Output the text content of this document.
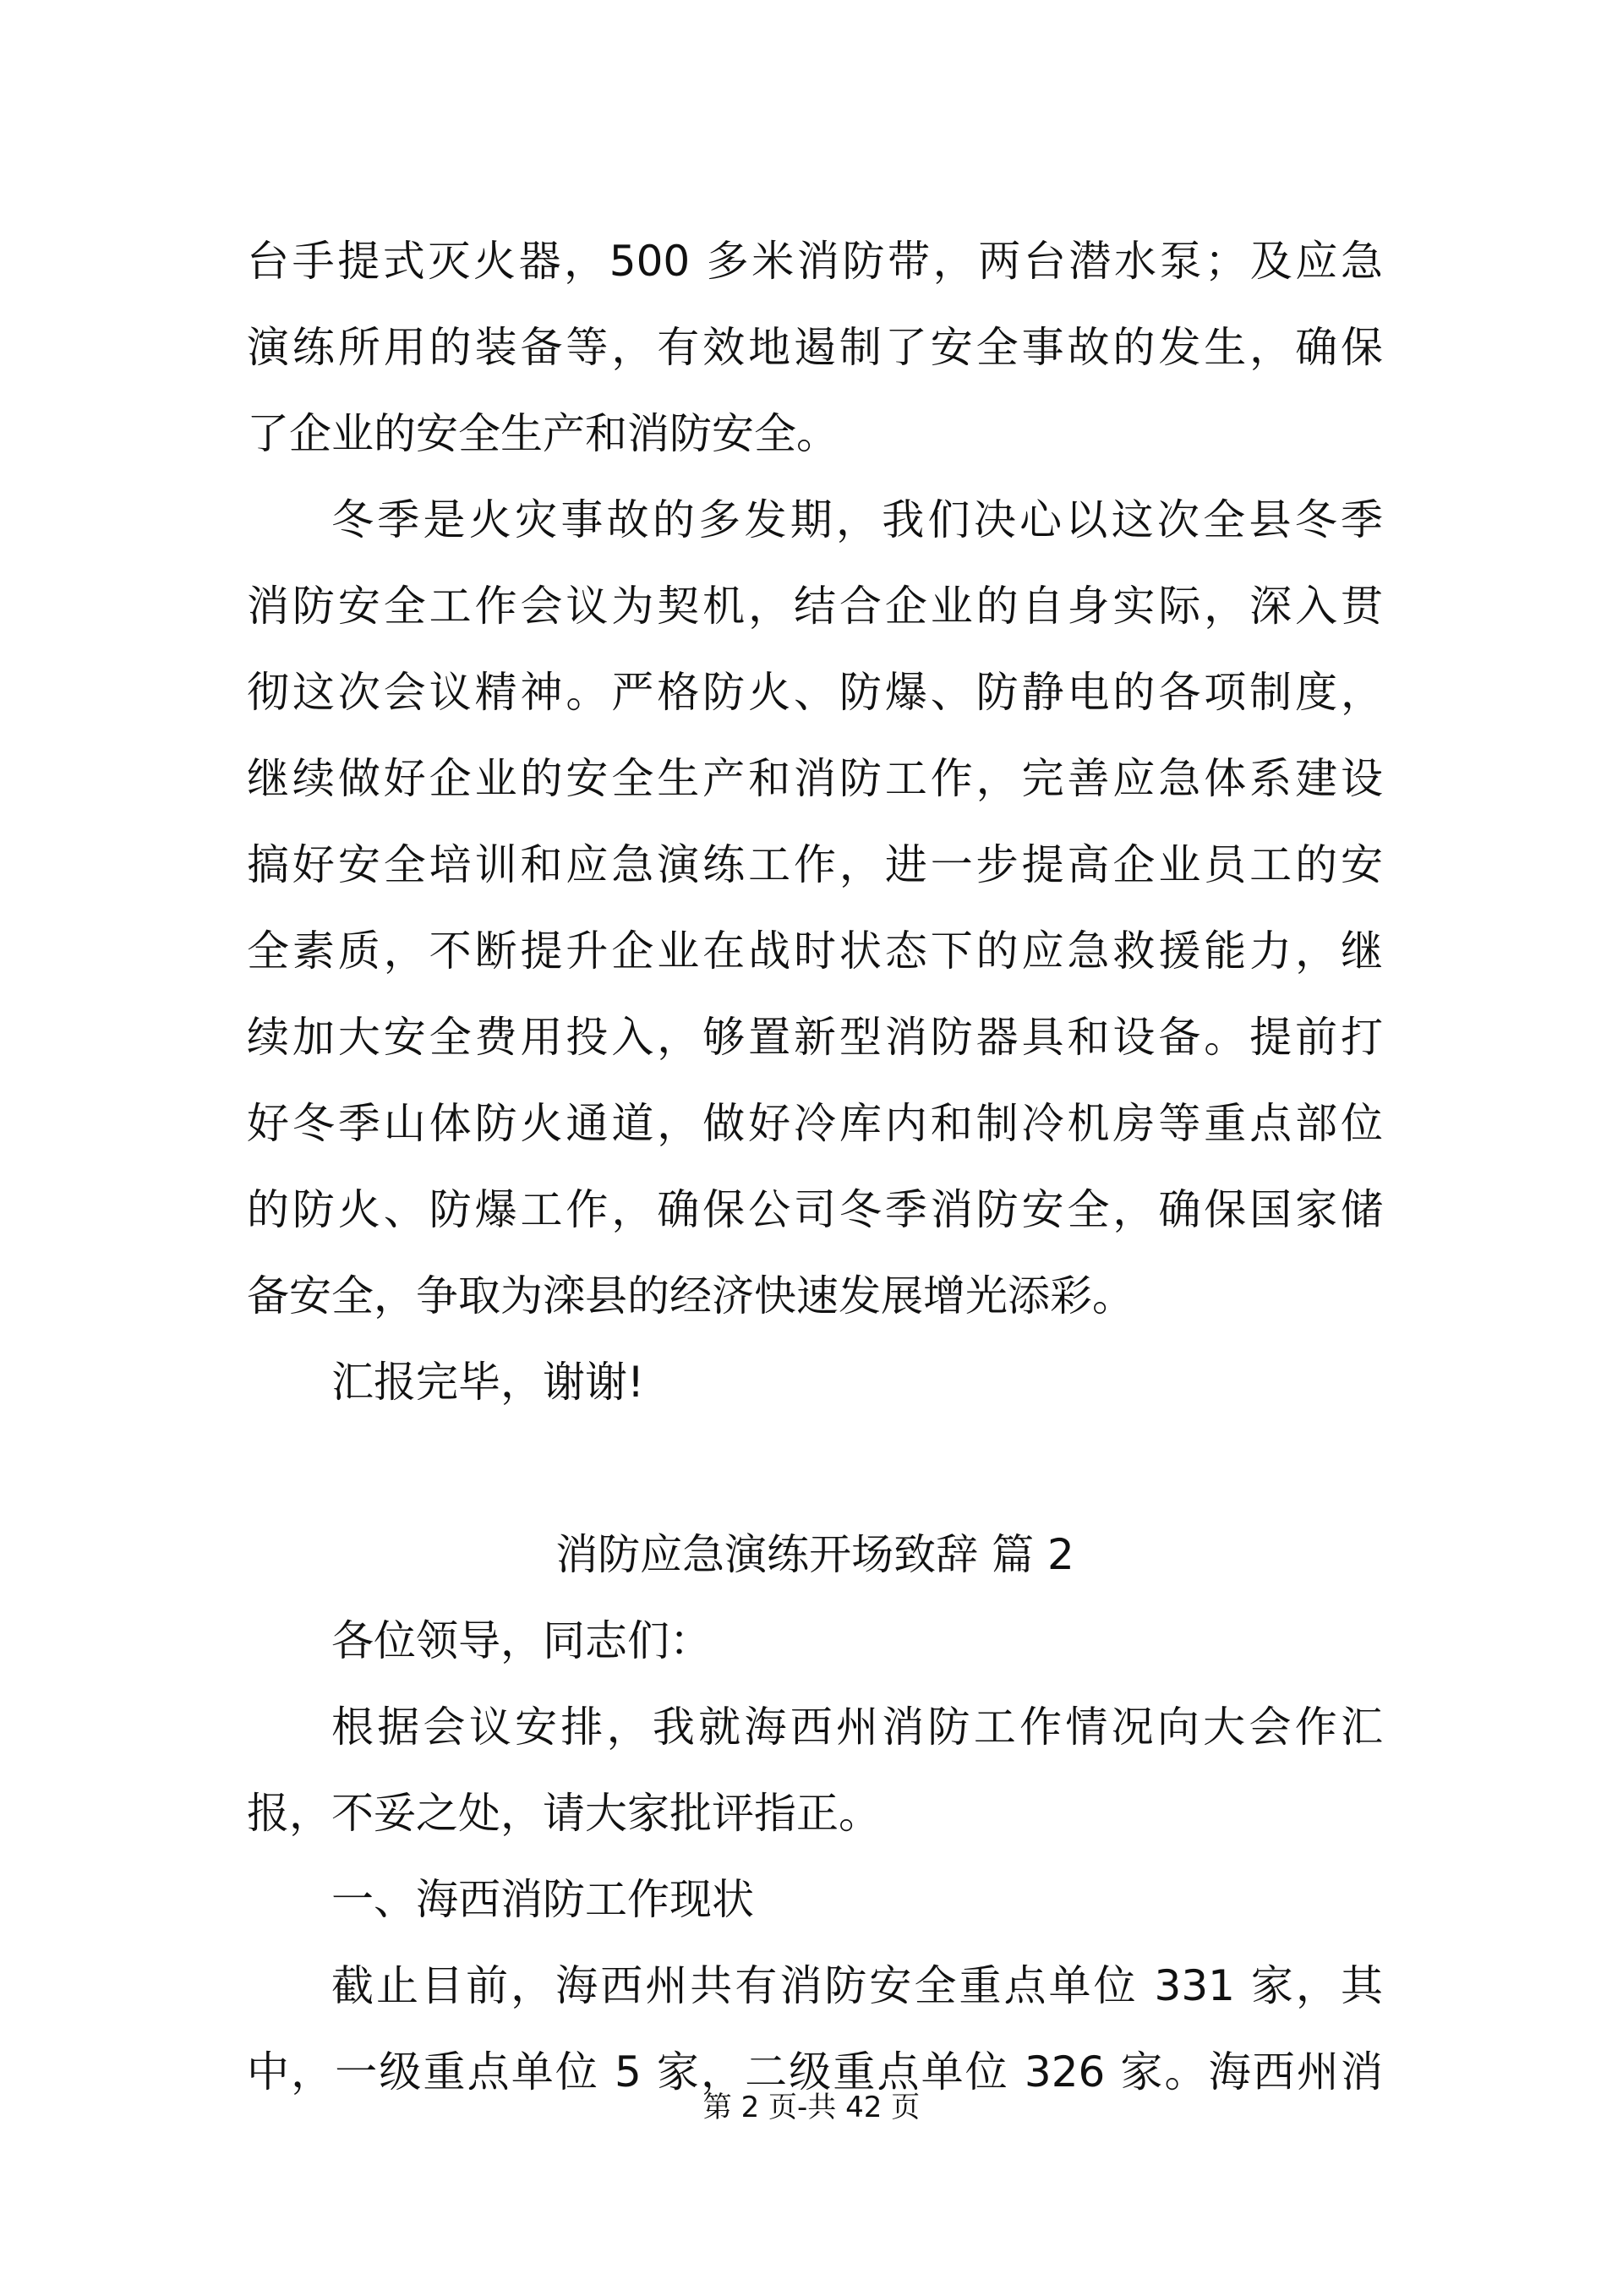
台手提式灭火器，500 多米消防带，两台潜水泵；及应急
演练所用的装备等，有效地遏制了安全事故的发生，确保
了企业的安全生产和消防安全。
冬季是火灾事故的多发期，我们决心以这次全县冬季
消防安全工作会议为契机，结合企业的自身实际，深入贯
彻这次会议精神。严格防火、防爆、防静电的各项制度，
继续做好企业的安全生产和消防工作，完善应急体系建设
搞好安全培训和应急演练工作，进一步提高企业员工的安
全素质，不断提升企业在战时状态下的应急救援能力，继
续加大安全费用投入，够置新型消防器具和设备。提前打
好冬季山体防火通道，做好冷库内和制冷机房等重点部位
的防火、防爆工作，确保公司冬季消防安全，确保国家储
备安全，争取为滦县的经济快速发展增光添彩。
汇报完毕，谢谢!
消防应急演练开场致辞 篇 2
各位领导，同志们：
根据会议安排，我就海西州消防工作情况向大会作汇
报，不妥之处，请大家批评指正。
一、海西消防工作现状
截止目前，海西州共有消防安全重点单位 331 家，其
中，一级重点单位 5 家，二级重点单位 326 家。海西州消
第 2 页-共 42 页
